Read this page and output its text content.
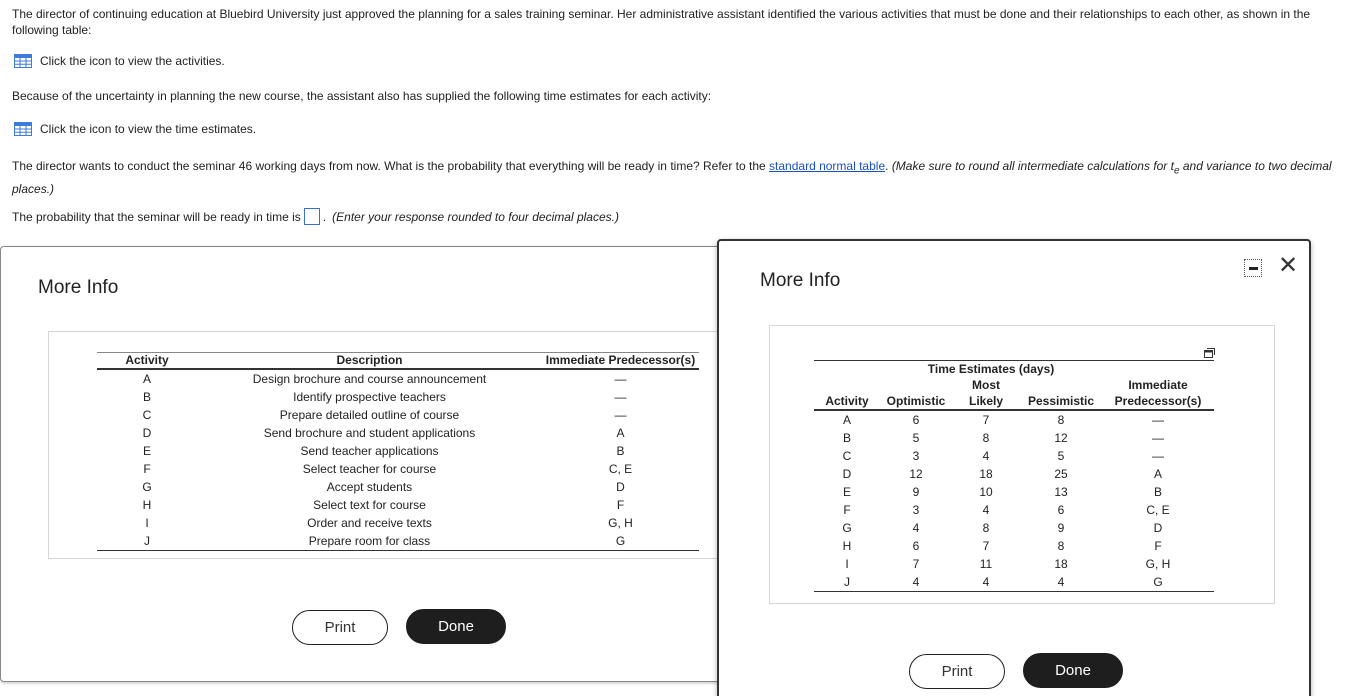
The director of continuing education at Bluebird University just approved the planning for a sales training seminar. Her administrative assistant identified the various activities that must be done and their relationships to each other, as shown in the following table:
Click the icon to view the activities.
Because of the uncertainty in planning the new course, the assistant also has supplied the following time estimates for each activity:
Click the icon to view the time estimates.
The director wants to conduct the seminar 46 working days from now. What is the probability that everything will be ready in time? Refer to the standard normal table. (Make sure to round all intermediate calculations for $t_e$ and variance to two decimal places.)
The probability that the seminar will be ready in time is . (Enter your response rounded to four decimal places.)
More Info
Activity	Description	Immediate Predecessor(s)
A	Design brochure and course announcement	—
B	Identify prospective teachers	—
C	Prepare detailed outline of course	—
D	Send brochure and student applications	A
E	Send teacher applications	B
F	Select teacher for course	C, E
G	Accept students	D
H	Select text for course	F
I	Order and receive texts	G, H
J	Prepare room for class	G
Print	Done
More Info
✕
	Time Estimates (days)			
		Most		Immediate
Activity	Optimistic	Likely	Pessimistic	Predecessor(s)
A	6	7	8	—
B	5	8	12	—
C	3	4	5	—
D	12	18	25	A
E	9	10	13	B
F	3	4	6	C, E
G	4	8	9	D
H	6	7	8	F
I	7	11	18	G, H
J	4	4	4	G
Print	Done
